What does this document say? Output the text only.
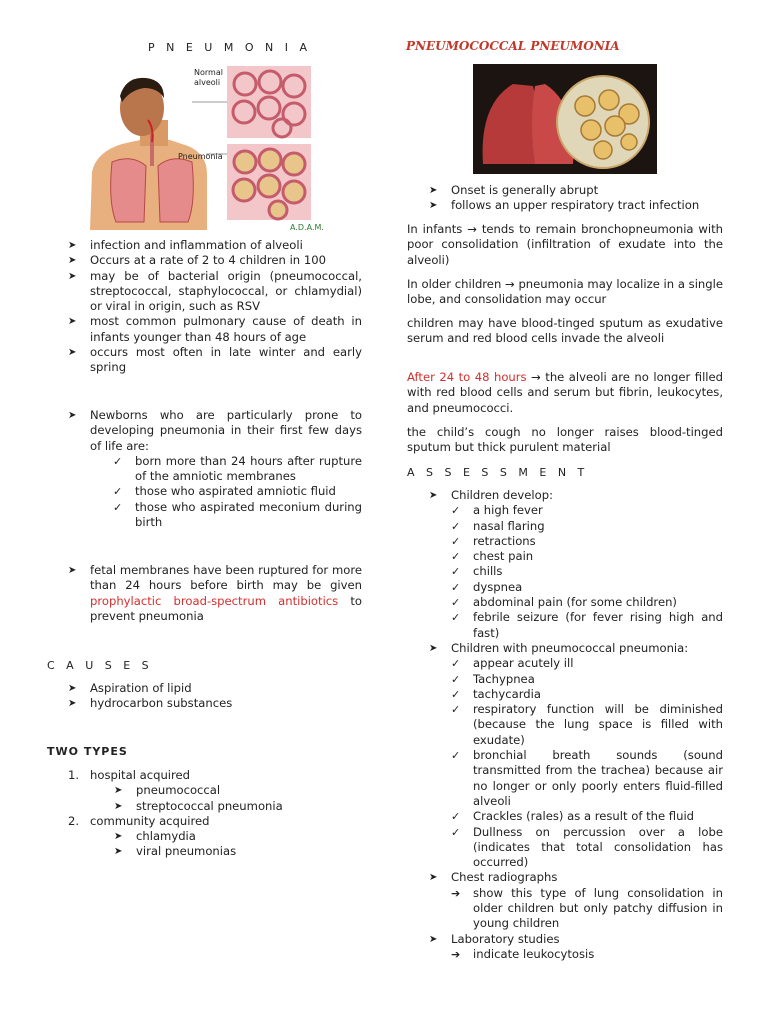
P N E U M O N I A
Normal
alveoli
Pneumonia
A.D.A.M.
➤ infection and inflammation of alveoli
➤ Occurs at a rate of 2 to 4 children in 100
➤ may be of bacterial origin (pneumococcal, streptococcal, staphylococcal, or chlamydial) or viral in origin, such as RSV
➤ most common pulmonary cause of death in infants younger than 48 hours of age
➤ occurs most often in late winter and early spring
➤ Newborns who are particularly prone to developing pneumonia in their first few days of life are:
✓ born more than 24 hours after rupture of the amniotic membranes
✓ those who aspirated amniotic fluid
✓ those who aspirated meconium during birth
➤ fetal membranes have been ruptured for more than 24 hours before birth may be given prophylactic broad-spectrum antibiotics to prevent pneumonia
C A U S E S
➤ Aspiration of lipid
➤ hydrocarbon substances
TWO TYPES
1. hospital acquired
➤ pneumococcal
➤ streptococcal pneumonia
2. community acquired
➤ chlamydia
➤ viral pneumonias
PNEUMOCOCCAL PNEUMONIA
➤ Onset is generally abrupt
➤ follows an upper respiratory tract infection

In infants → tends to remain bronchopneumonia with poor consolidation (infiltration of exudate into the alveoli)

In older children → pneumonia may localize in a single lobe, and consolidation may occur

children may have blood-tinged sputum as exudative serum and red blood cells invade the alveoli

After 24 to 48 hours → the alveoli are no longer filled with red blood cells and serum but fibrin, leukocytes, and pneumococci.

the child’s cough no longer raises blood-tinged sputum but thick purulent material

A S S E S S M E N T
➤ Children develop:
✓ a high fever
✓ nasal flaring
✓ retractions
✓ chest pain
✓ chills
✓ dyspnea
✓ abdominal pain (for some children)
✓ febrile seizure (for fever rising high and fast)
➤ Children with pneumococcal pneumonia:
✓ appear acutely ill
✓ Tachypnea
✓ tachycardia
✓ respiratory function will be diminished (because the lung space is filled with exudate)
✓ bronchial breath sounds (sound transmitted from the trachea) because air no longer or only poorly enters fluid-filled alveoli
✓ Crackles (rales) as a result of the fluid
✓ Dullness on percussion over a lobe (indicates that total consolidation has occurred)
➤ Chest radiographs
➔ show this type of lung consolidation in older children but only patchy diffusion in young children
➤ Laboratory studies
➔ indicate leukocytosis
